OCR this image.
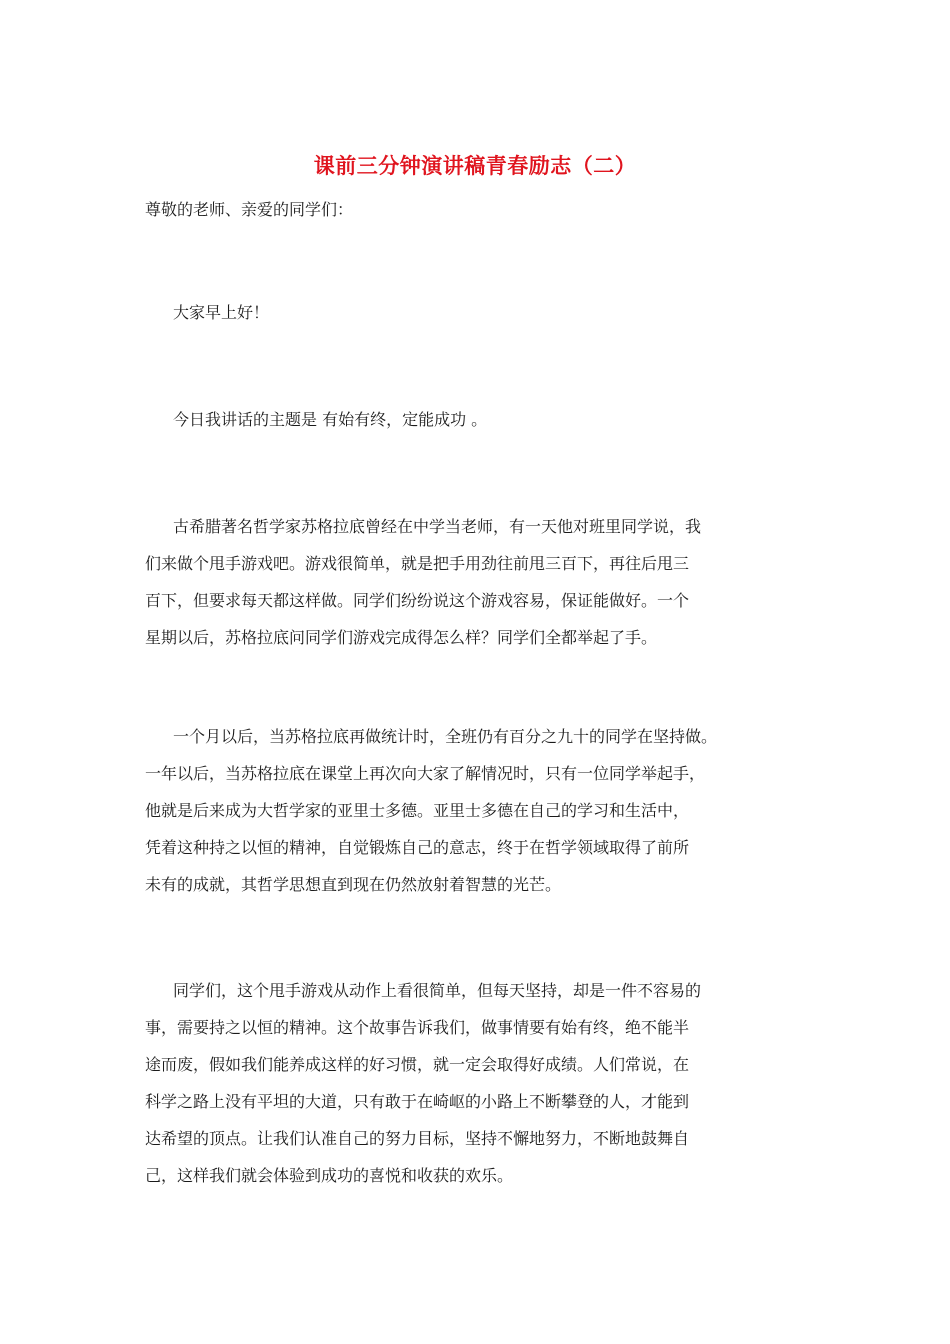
课前三分钟演讲稿青春励志（二）
尊敬的老师、亲爱的同学们：
大家早上好！
今日我讲话的主题是 有始有终，定能成功 。
古希腊著名哲学家苏格拉底曾经在中学当老师，有一天他对班里同学说，我
们来做个甩手游戏吧。游戏很简单，就是把手用劲往前甩三百下，再往后甩三
百下，但要求每天都这样做。同学们纷纷说这个游戏容易，保证能做好。一个
星期以后，苏格拉底问同学们游戏完成得怎么样？同学们全都举起了手。
一个月以后，当苏格拉底再做统计时，全班仍有百分之九十的同学在坚持做。
一年以后，当苏格拉底在课堂上再次向大家了解情况时，只有一位同学举起手，
他就是后来成为大哲学家的亚里士多德。亚里士多德在自己的学习和生活中，
凭着这种持之以恒的精神，自觉锻炼自己的意志，终于在哲学领域取得了前所
未有的成就，其哲学思想直到现在仍然放射着智慧的光芒。
同学们，这个甩手游戏从动作上看很简单，但每天坚持，却是一件不容易的
事，需要持之以恒的精神。这个故事告诉我们，做事情要有始有终，绝不能半
途而废，假如我们能养成这样的好习惯，就一定会取得好成绩。人们常说，在
科学之路上没有平坦的大道，只有敢于在崎岖的小路上不断攀登的人，才能到
达希望的顶点。让我们认准自己的努力目标，坚持不懈地努力，不断地鼓舞自
己，这样我们就会体验到成功的喜悦和收获的欢乐。
